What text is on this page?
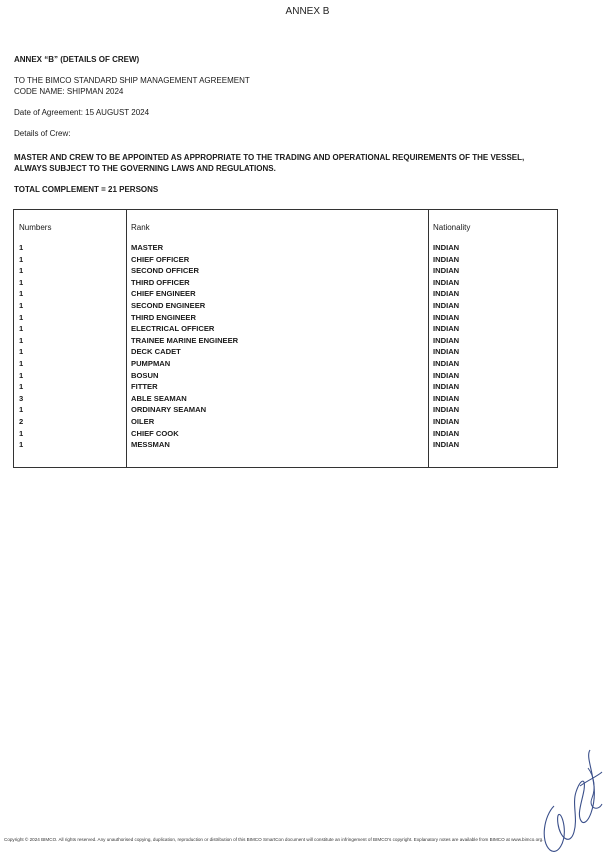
ANNEX B
ANNEX “B” (DETAILS OF CREW)
TO THE BIMCO STANDARD SHIP MANAGEMENT AGREEMENT
CODE NAME: SHIPMAN 2024
Date of Agreement: 15 AUGUST 2024
Details of Crew:
MASTER AND CREW TO BE APPOINTED AS APPROPRIATE TO THE TRADING AND OPERATIONAL REQUIREMENTS OF THE VESSEL, ALWAYS SUBJECT TO THE GOVERNING LAWS AND REGULATIONS.
TOTAL COMPLEMENT = 21 PERSONS
Numbers	Rank	Nationality
1
1
1
1
1
1
1
1
1
1
1
1
1
3
1
2
1
1
MASTER
CHIEF OFFICER
SECOND OFFICER
THIRD OFFICER
CHIEF ENGINEER
SECOND ENGINEER
THIRD ENGINEER
ELECTRICAL OFFICER
TRAINEE MARINE ENGINEER
DECK CADET
PUMPMAN
BOSUN
FITTER
ABLE SEAMAN
ORDINARY SEAMAN
OILER
CHIEF COOK
MESSMAN
INDIAN
INDIAN
INDIAN
INDIAN
INDIAN
INDIAN
INDIAN
INDIAN
INDIAN
INDIAN
INDIAN
INDIAN
INDIAN
INDIAN
INDIAN
INDIAN
INDIAN
INDIAN
Copyright © 2024 BIMCO. All rights reserved. Any unauthorised copying, duplication, reproduction or distribution of this BIMCO SmartCon document will constitute an infringement of BIMCO’s copyright. Explanatory notes are available from BIMCO at www.bimco.org.
